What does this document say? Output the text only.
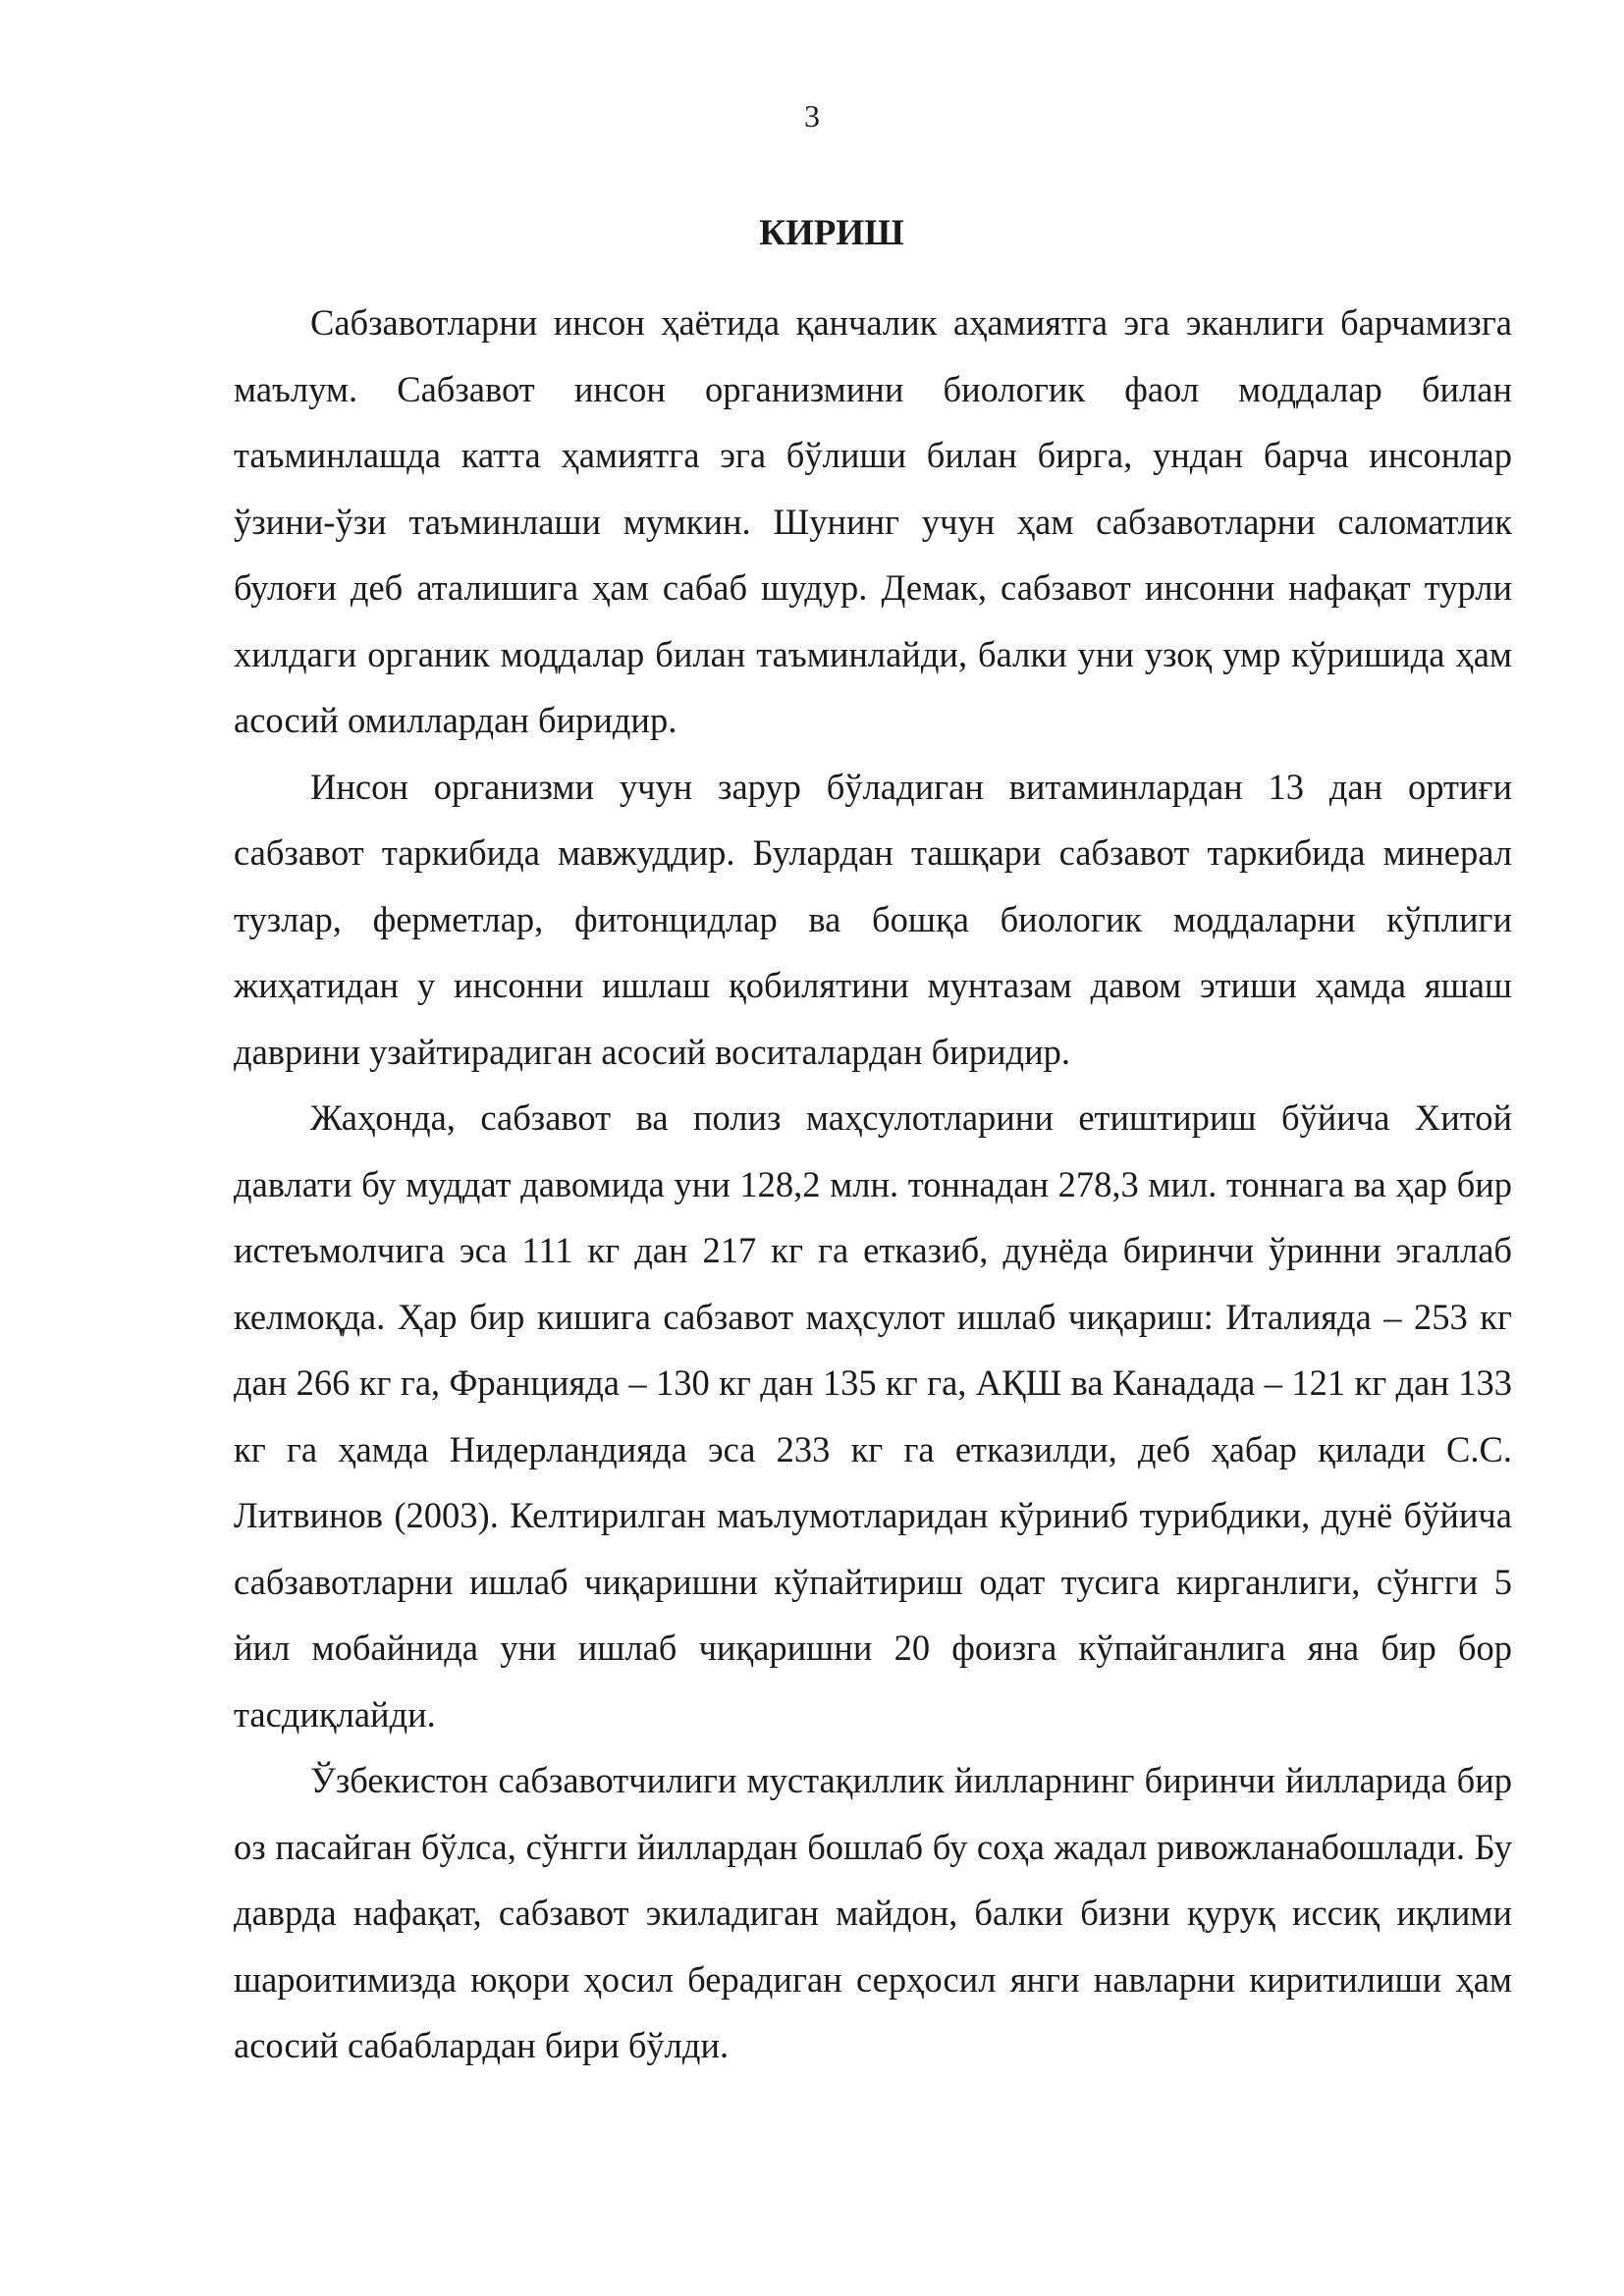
3
КИРИШ

Сабзавотларни инсон ҳаётида қанчалик аҳамиятга эга эканлиги барчамизга маълум. Сабзавот инсон организмини биологик фаол моддалар билан таъминлашда катта ҳамиятга эга бўлиши билан бирга, ундан барча инсонлар ўзини-ўзи таъминлаши мумкин. Шунинг учун ҳам сабзавотларни саломатлик булоғи деб аталишига ҳам сабаб шудур. Демак, сабзавот инсонни нафақат турли хилдаги органик моддалар билан таъминлайди, балки уни узоқ умр кўришида ҳам асосий омиллардан биридир.

Инсон организми учун зарур бўладиган витаминлардан 13 дан ортиғи сабзавот таркибида мавжуддир. Булардан ташқари сабзавот таркибида минерал тузлар, ферметлар, фитонцидлар ва бошқа биологик моддаларни кўплиги жиҳатидан у инсонни ишлаш қобилятини мунтазам давом этиши ҳамда яшаш даврини узайтирадиган асосий воситалардан биридир.

Жаҳонда, сабзавот ва полиз маҳсулотларини етиштириш бўйича Хитой давлати бу муддат давомида уни 128,2 млн. тоннадан 278,3 мил. тоннага ва ҳар бир истеъмолчига эса 111 кг дан 217 кг га етказиб, дунёда биринчи ўринни эгаллаб келмоқда. Ҳар бир кишига сабзавот маҳсулот ишлаб чиқариш: Италияда – 253 кг дан 266 кг га, Францияда – 130 кг дан 135 кг га, АҚШ ва Канадада – 121 кг дан 133 кг га ҳамда Нидерландияда эса 233 кг га етказилди, деб ҳабар қилади С.С. Литвинов (2003). Келтирилган маълумотларидан кўриниб турибдики, дунё бўйича сабзавотларни ишлаб чиқаришни кўпайтириш одат тусига кирганлиги, сўнгги 5 йил мобайнида уни ишлаб чиқаришни 20 фоизга кўпайганлига яна бир бор тасдиқлайди.

Ўзбекистон сабзавотчилиги мустақиллик йилларнинг биринчи йилларида бир оз пасайган бўлса, сўнгги йиллардан бошлаб бу соҳа жадал ривожланабошлади. Бу даврда нафақат, сабзавот экиладиган майдон, балки бизни қуруқ иссиқ иқлими шароитимизда юқори ҳосил берадиган серҳосил янги навларни киритилиши ҳам асосий сабаблардан бири бўлди.
